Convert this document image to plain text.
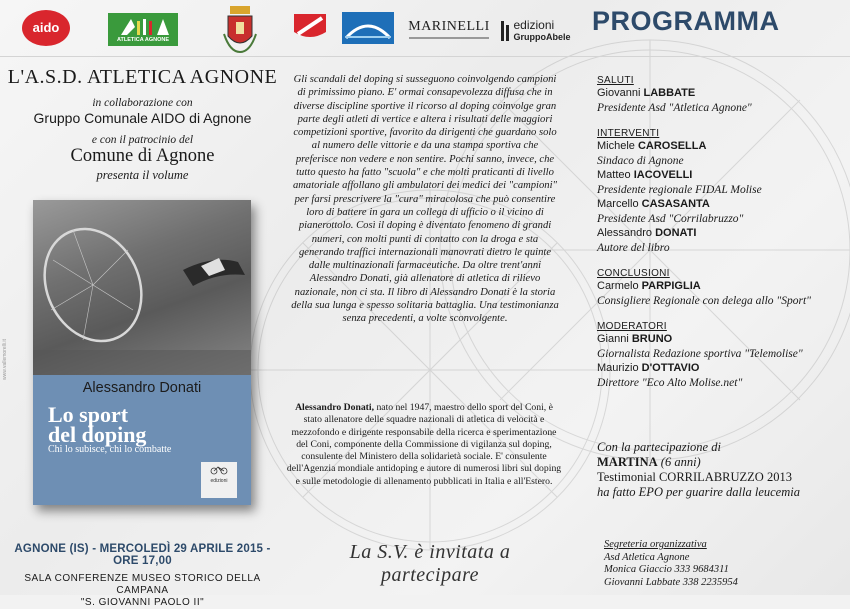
aido
ATLETICA AGNONE
MARINELLI edizioni
GruppoAbele
PROGRAMMA
L'A.S.D. ATLETICA AGNONE
in collaborazione con
Gruppo Comunale AIDO di Agnone
e con il patrocinio del
Comune di Agnone
presenta il volume
Alessandro Donati
Lo sport
del doping
Chi lo subisce, chi lo combatte
edizioni
www.vallemorelli.it
Gli scandali del doping si susseguono coinvolgendo campioni di primissimo piano. E' ormai consapevolezza diffusa che in diverse discipline sportive il ricorso al doping coinvolge gran parte degli atleti di vertice e altera i risultati delle maggiori competizioni sportive, favorito da dirigenti che guardano solo al numero delle vittorie e da una stampa sportiva che preferisce non vedere e non sentire. Pochi sanno, invece, che tutto questo ha fatto "scuola" e che molti praticanti di livello amatoriale affollano gli ambulatori dei medici dei "campioni" per farsi prescrivere la "cura" miracolosa che può consentire loro di battere in gara un collega di ufficio o il vicino di pianerottolo. Così il doping è diventato fenomeno di grandi numeri, con molti punti di contatto con la droga e sta generando traffici internazionali manovrati dietro le quinte dalle multinazionali farmaceutiche. Da oltre trent'anni Alessandro Donati, già allenatore di atletica di rilievo nazionale, non ci sta. Il libro di Alessandro Donati è la storia della sua lunga e spesso solitaria battaglia. Una testimonianza senza precedenti, a volte sconvolgente.
Alessandro Donati, nato nel 1947, maestro dello sport del Coni, è stato allenatore delle squadre nazionali di atletica di velocità e mezzofondo e dirigente responsabile della ricerca e sperimentazione del Coni, componente della Commissione di vigilanza sul doping, consulente del Ministero della solidarietà sociale. E' consulente dell'Agenzia mondiale antidoping e autore di numerosi libri sul doping e sulle metodologie di allenamento pubblicati in Italia e all'Estero.
SALUTI
Giovanni LABBATE
Presidente Asd "Atletica Agnone"
INTERVENTI
Michele CAROSELLA
Sindaco di Agnone
Matteo IACOVELLI
Presidente regionale FIDAL Molise
Marcello CASASANTA
Presidente Asd "Corrilabruzzo"
Alessandro DONATI
Autore del libro
CONCLUSIONI
Carmelo PARPIGLIA
Consigliere Regionale con delega allo "Sport"
MODERATORI
Gianni BRUNO
Giornalista Redazione sportiva "Telemolise"
Maurizio D'OTTAVIO
Direttore "Eco Alto Molise.net"
Con la partecipazione di
MARTINA (6 anni)
Testimonial CORRILABRUZZO 2013
ha fatto EPO per guarire dalla leucemia
AGNONE (IS) - MERCOLEDÌ 29 APRILE 2015 - ORE 17,00
SALA CONFERENZE MUSEO STORICO DELLA CAMPANA
"S. GIOVANNI PAOLO II"
La S.V. è invitata a partecipare
Segreteria organizzativa
Asd Atletica Agnone
Monica Giaccio 333 9684311
Giovanni Labbate 338 2235954
